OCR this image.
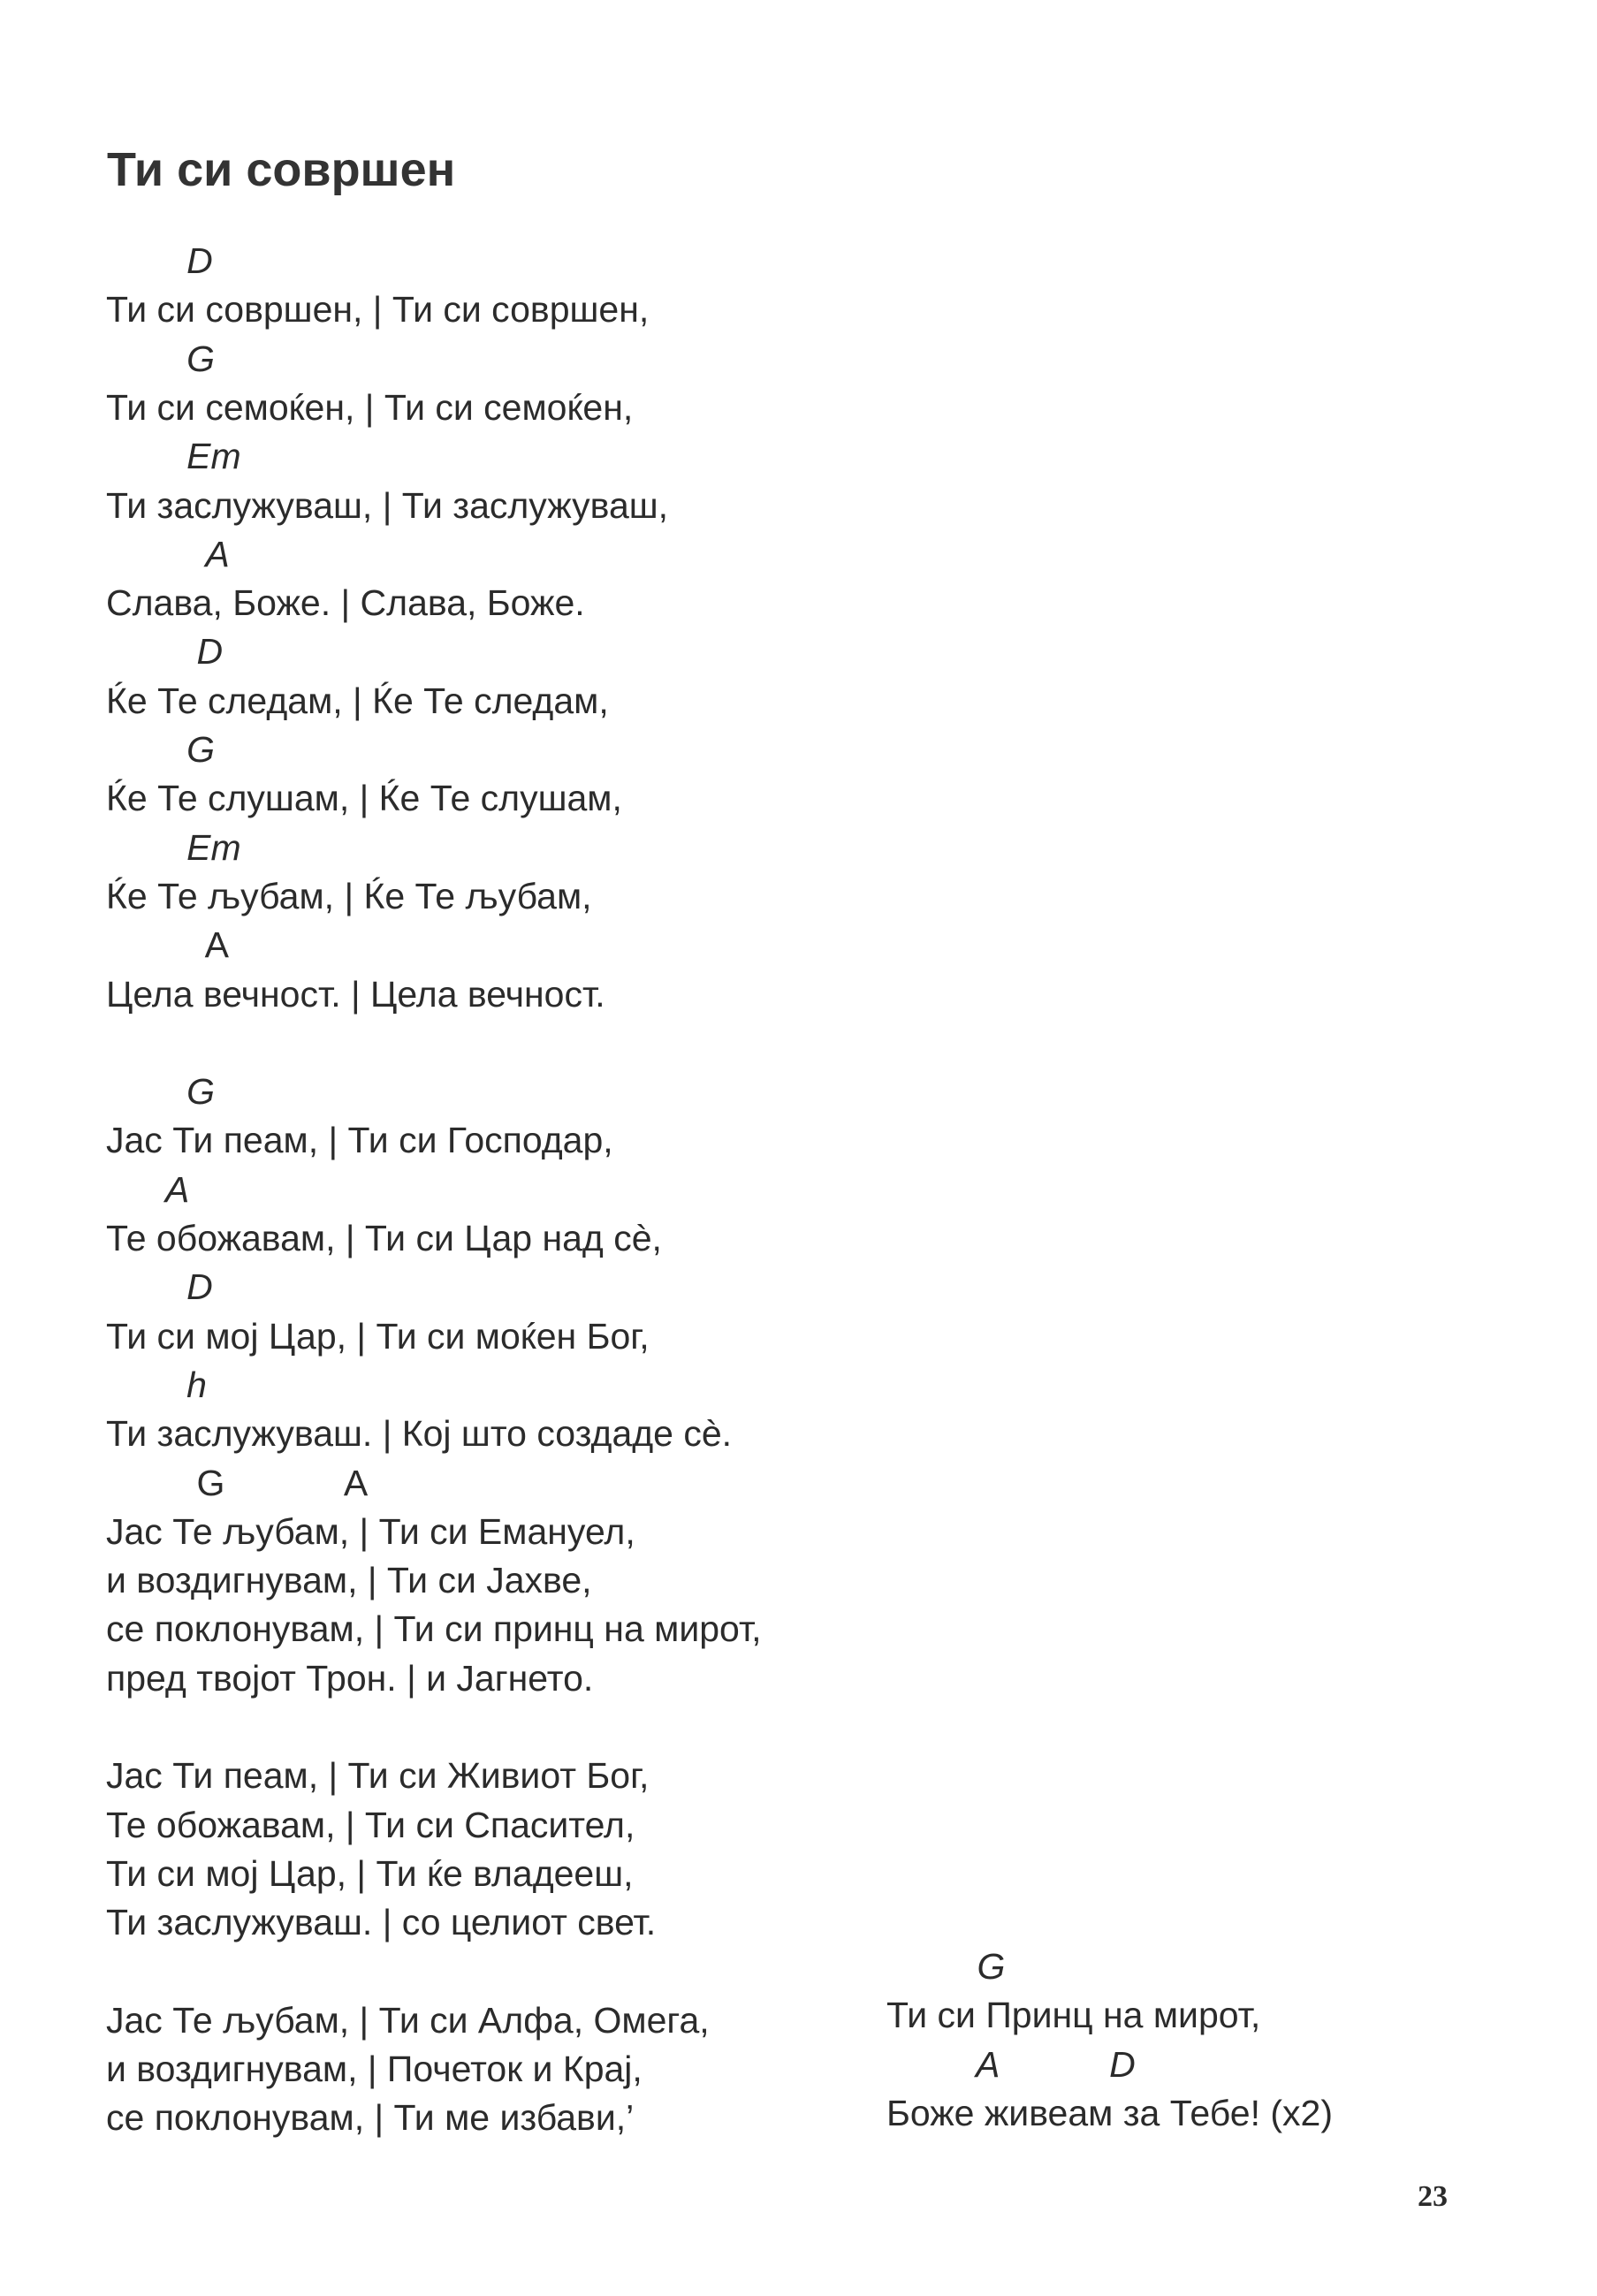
Ти си совршен
D
Ти си совршен, | Ти си совршен,
G
Ти си семоќен, | Ти си семоќен,
Em
Ти заслужуваш, | Ти заслужуваш,
A
Слава, Боже. | Слава, Боже.
D
Ќе Те следам, | Ќе Те следам,
G
Ќе Те слушам, | Ќе Те слушам,
Em
Ќе Те љубам, | Ќе Те љубам,
A
Цела вечност. | Цела вечност.
G
Јас Ти пеам, | Ти си Господар,
A
Те обожавам, | Ти си Цар над сè,
D
Ти си мој Цар, | Ти си моќен Бог,
h
Ти заслужуваш. | Кој што создаде сè.
G            A
Јас Те љубам, | Ти си Емануел,
и воздигнувам, | Ти си Јахве,
се поклонувам, | Ти си принц на мирот,
пред твојот Трон. | и Јагнето.
Јас Ти пеам, | Ти си Живиот Бог,
Те обожавам, | Ти си Спасител,
Ти си мој Цар, | Ти ќе владееш,
Ти заслужуваш. | со целиот свет.
Јас Те љубам, | Ти си Алфа, Омега,
и воздигнувам, | Почеток и Крај,
се поклонувам, | Ти ме избави,’
G
Ти си Принц на мирот,
A           D
Боже живеам за Тебе! (x2)
23
